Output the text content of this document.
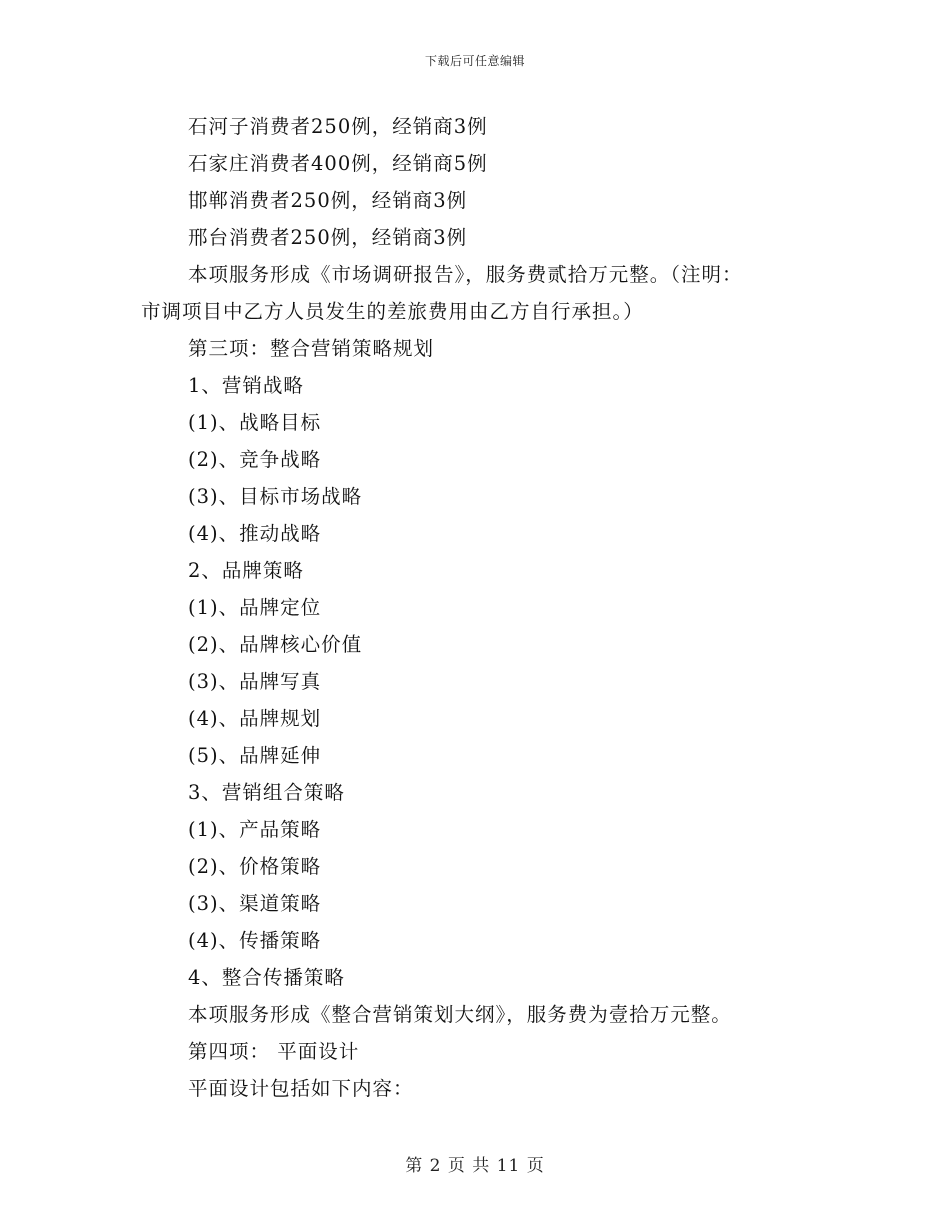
下载后可任意编辑

石河子消费者250例，经销商3例

石家庄消费者400例，经销商5例

邯郸消费者250例，经销商3例

邢台消费者250例，经销商3例

本项服务形成《市场调研报告》，服务费贰拾万元整。（注明：

市调项目中乙方人员发生的差旅费用由乙方自行承担。）

第三项：整合营销策略规划

1、营销战略

(1)、战略目标

(2)、竞争战略

(3)、目标市场战略

(4)、推动战略

2、品牌策略

(1)、品牌定位

(2)、品牌核心价值

(3)、品牌写真

(4)、品牌规划

(5)、品牌延伸

3、营销组合策略

(1)、产品策略

(2)、价格策略

(3)、渠道策略

(4)、传播策略

4、整合传播策略

本项服务形成《整合营销策划大纲》，服务费为壹拾万元整。

第四项： 平面设计

平面设计包括如下内容：

第 2 页 共 11 页
